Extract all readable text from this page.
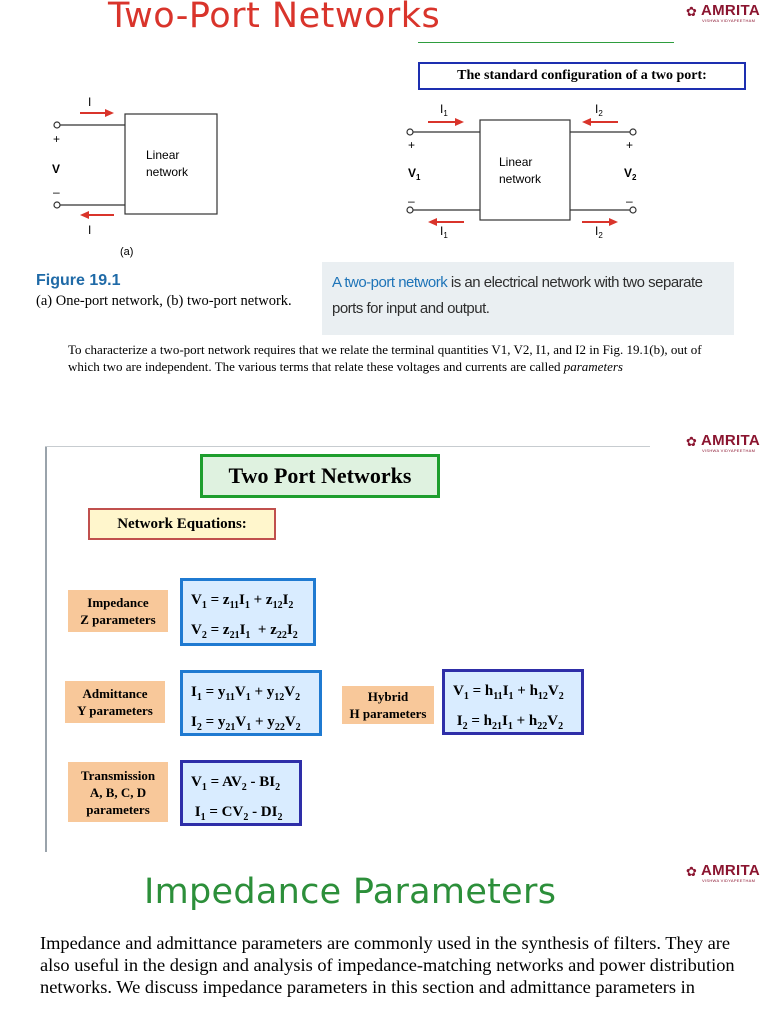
Two-Port Networks	✿ AMRITA
VISHWA VIDYAPEETHAM
The standard configuration of a two port:
I
I
+
V
–
Linear
network
(a)
$I_1$	$I_2$
$I_1$	$I_2$
+	+
$V_1$	$V_2$
–	–
Linear
network
Figure 19.1
(a) One-port network, (b) two-port network.
A two-port network is an electrical network with two separate ports for input and output.
To characterize a two-port network requires that we relate the terminal quantities V1, V2, I1, and I2 in Fig. 19.1(b), out of which two are independent. The various terms that relate these voltages and currents are called parameters
✿ AMRITA
VISHWA VIDYAPEETHAM
Two Port Networks
Network Equations:
Impedance
Z parameters
$V_1 = z_{11}I_1 + z_{12}I_2$
$V_2 = z_{21}I_1 + z_{22}I_2$
Admittance
Y parameters
$I_1 = y_{11}V_1 + y_{12}V_2$
$I_2 = y_{21}V_1 + y_{22}V_2$
Hybrid
H parameters
$V_1 = h_{11}I_1 + h_{12}V_2$
$I_2 = h_{21}I_1 + h_{22}V_2$
Transmission
A, B, C, D
parameters
$V_1 = AV_2 - BI_2$
$I_1 = CV_2 - DI_2$
✿ AMRITA
VISHWA VIDYAPEETHAM
Impedance Parameters
Impedance and admittance parameters are commonly used in the synthesis of filters. They are also useful in the design and analysis of impedance-matching networks and power distribution networks. We discuss impedance parameters in this section and admittance parameters in
